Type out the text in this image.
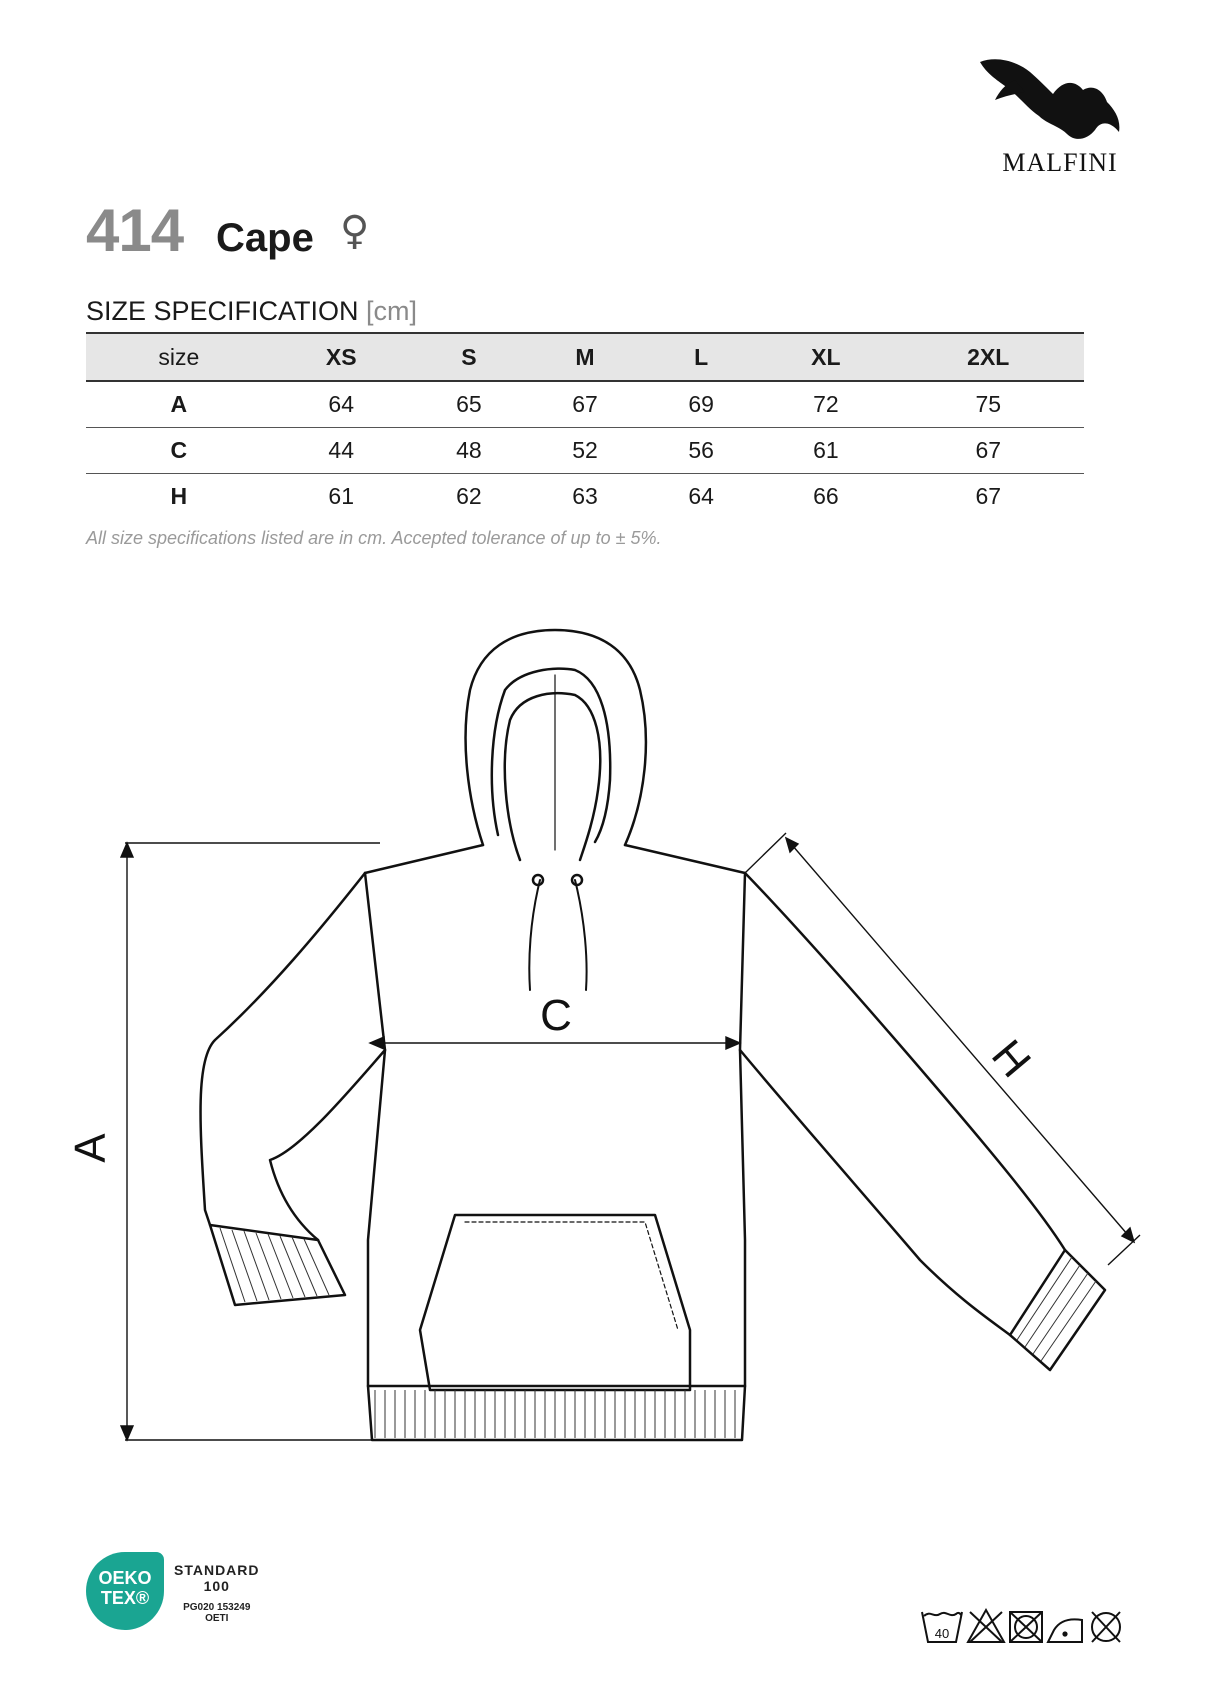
MALFINI
414 Cape ♀
SIZE SPECIFICATION [cm]
size	XS	S	M	L	XL	2XL
A	64	65	67	69	72	75
C	44	48	52	56	61	67
H	61	62	63	64	66	67
All size specifications listed are in cm. Accepted tolerance of up to ± 5%.
A
C
H
OEKO
TEX®
STANDARD
100
PG020 153249
OETI
40
